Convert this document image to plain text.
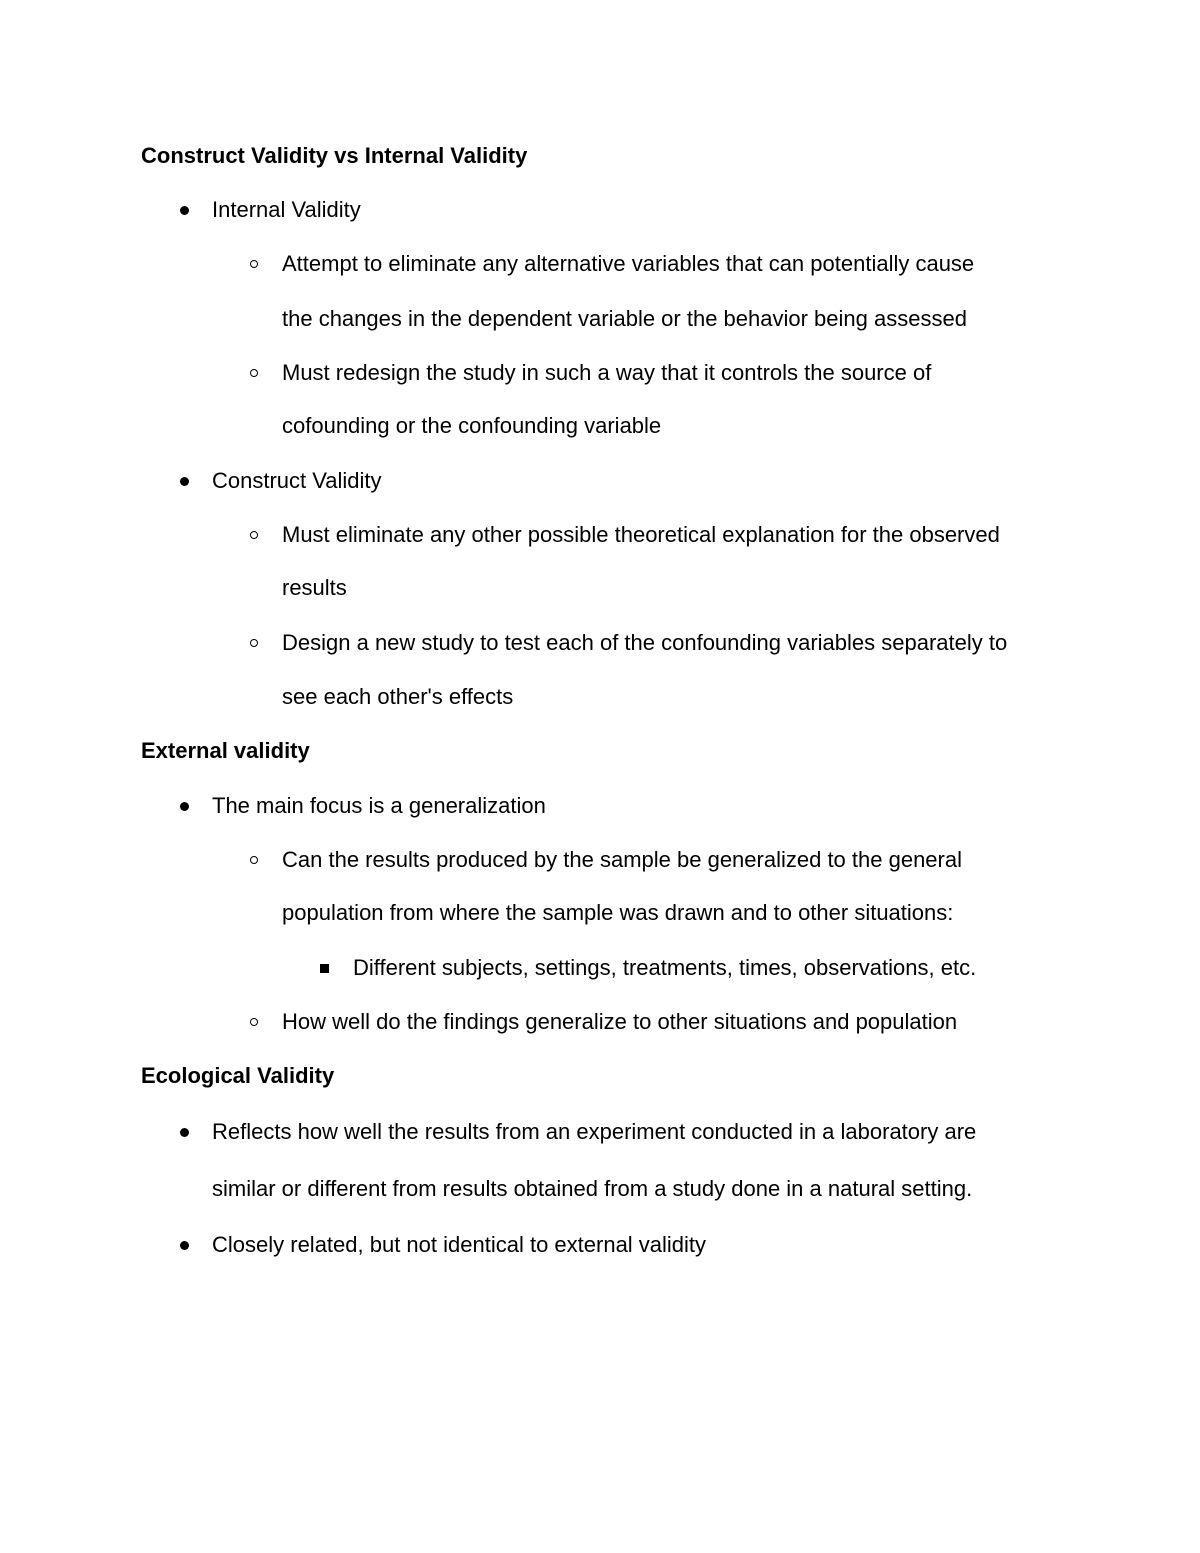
Construct Validity vs Internal Validity
Internal Validity
Attempt to eliminate any alternative variables that can potentially cause
the changes in the dependent variable or the behavior being assessed
Must redesign the study in such a way that it controls the source of
cofounding or the confounding variable
Construct Validity
Must eliminate any other possible theoretical explanation for the observed
results
Design a new study to test each of the confounding variables separately to
see each other's effects
External validity
The main focus is a generalization
Can the results produced by the sample be generalized to the general
population from where the sample was drawn and to other situations:
Different subjects, settings, treatments, times, observations, etc.
How well do the findings generalize to other situations and population
Ecological Validity
Reflects how well the results from an experiment conducted in a laboratory are
similar or different from results obtained from a study done in a natural setting.
Closely related, but not identical to external validity
